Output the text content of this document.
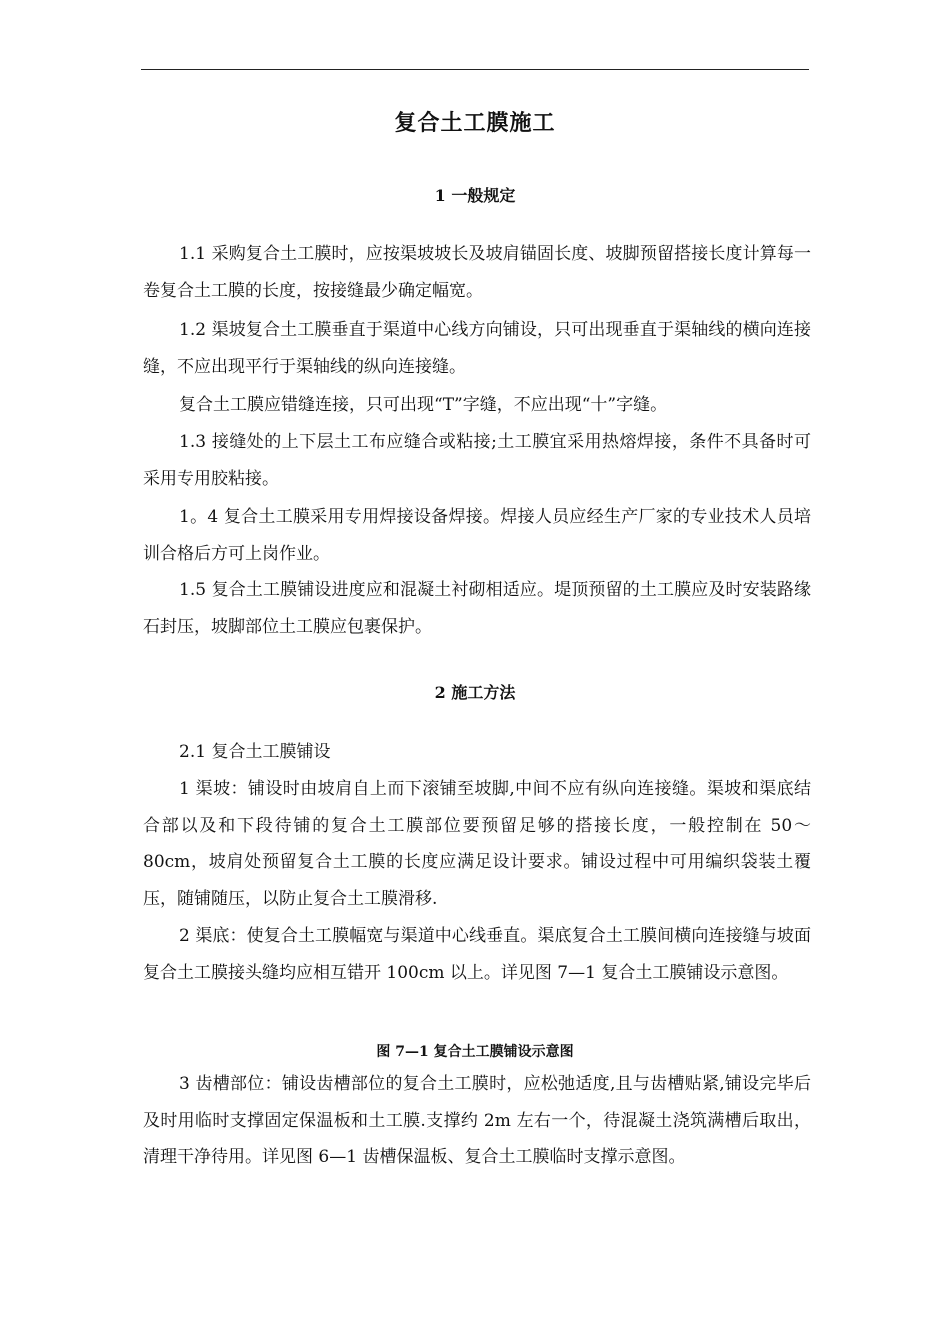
复合土工膜施工
1 一般规定

1.1 采购复合土工膜时，应按渠坡坡长及坡肩锚固长度、坡脚预留搭接长度计算每一卷复合土工膜的长度，按接缝最少确定幅宽。

1.2 渠坡复合土工膜垂直于渠道中心线方向铺设，只可出现垂直于渠轴线的横向连接缝，不应出现平行于渠轴线的纵向连接缝。

复合土工膜应错缝连接，只可出现“T”字缝，不应出现“十”字缝。

1.3 接缝处的上下层土工布应缝合或粘接;土工膜宜采用热熔焊接，条件不具备时可采用专用胶粘接。

1。4 复合土工膜采用专用焊接设备焊接。焊接人员应经生产厂家的专业技术人员培训合格后方可上岗作业。

1.5 复合土工膜铺设进度应和混凝土衬砌相适应。堤顶预留的土工膜应及时安装路缘石封压，坡脚部位土工膜应包裹保护。

2 施工方法

2.1 复合土工膜铺设

1 渠坡：铺设时由坡肩自上而下滚铺至坡脚,中间不应有纵向连接缝。渠坡和渠底结合部以及和下段待铺的复合土工膜部位要预留足够的搭接长度，一般控制在 50～80cm，坡肩处预留复合土工膜的长度应满足设计要求。铺设过程中可用编织袋装土覆压，随铺随压，以防止复合土工膜滑移.

2 渠底：使复合土工膜幅宽与渠道中心线垂直。渠底复合土工膜间横向连接缝与坡面复合土工膜接头缝均应相互错开 100cm 以上。详见图 7—1 复合土工膜铺设示意图。

图 7—1 复合土工膜铺设示意图

3 齿槽部位：铺设齿槽部位的复合土工膜时，应松弛适度,且与齿槽贴紧,铺设完毕后及时用临时支撑固定保温板和土工膜.支撑约 2m 左右一个，待混凝土浇筑满槽后取出，清理干净待用。详见图 6—1 齿槽保温板、复合土工膜临时支撑示意图。
